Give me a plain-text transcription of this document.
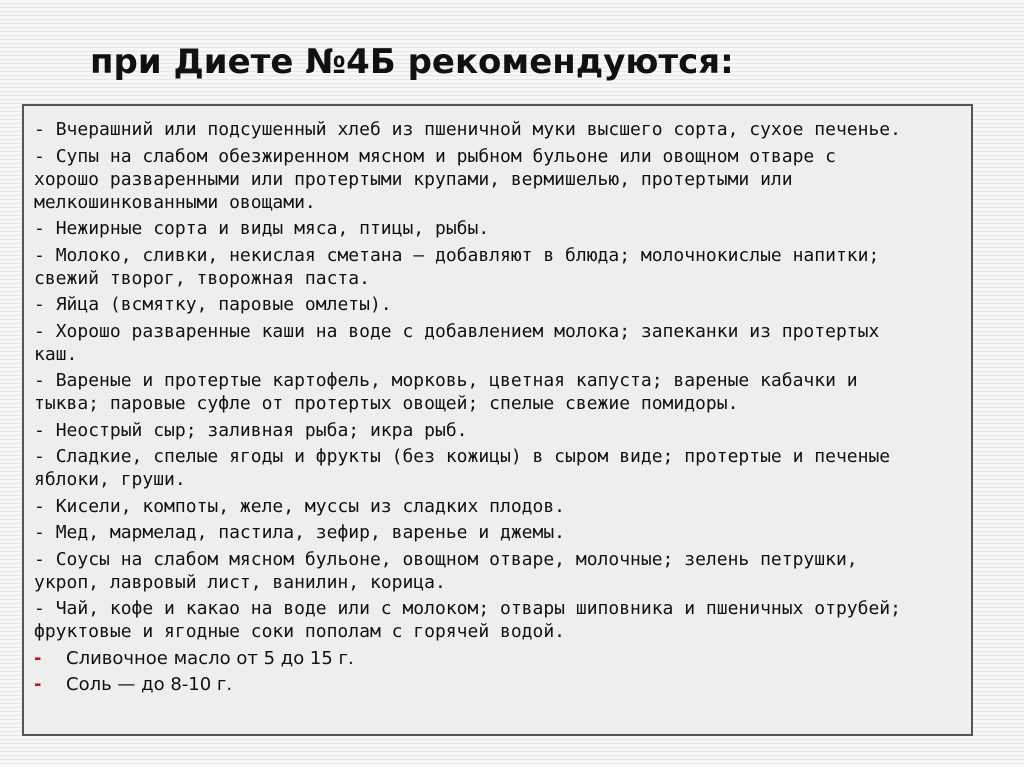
при Диете №4Б рекомендуются:
- Вчерашний или подсушенный хлеб из пшеничной муки высшего сорта, сухое печенье.
- Супы на слабом обезжиренном мясном и рыбном бульоне или овощном отваре с
хорошо разваренными или протертыми крупами, вермишелью, протертыми или
мелкошинкованными овощами.
- Нежирные сорта и виды мяса, птицы, рыбы.
- Молоко, сливки, некислая сметана — добавляют в блюда; молочнокислые напитки;
свежий творог, творожная паста.
- Яйца (всмятку, паровые омлеты).
- Хорошо разваренные каши на воде с добавлением молока; запеканки из протертых
каш.
- Вареные и протертые картофель, морковь, цветная капуста; вареные кабачки и
тыква; паровые суфле от протертых овощей; спелые свежие помидоры.
- Неострый сыр; заливная рыба; икра рыб.
- Сладкие, спелые ягоды и фрукты (без кожицы) в сыром виде; протертые и печеные
яблоки, груши.
- Кисели, компоты, желе, муссы из сладких плодов.
- Мед, мармелад, пастила, зефир, варенье и джемы.
- Соусы на слабом мясном бульоне, овощном отваре, молочные; зелень петрушки,
укроп, лавровый лист, ванилин, корица.
- Чай, кофе и какао на воде или с молоком; отвары шиповника и пшеничных отрубей;
фруктовые и ягодные соки пополам с горячей водой.
- Сливочное масло от 5 до 15 г.
- Соль — до 8-10 г.
